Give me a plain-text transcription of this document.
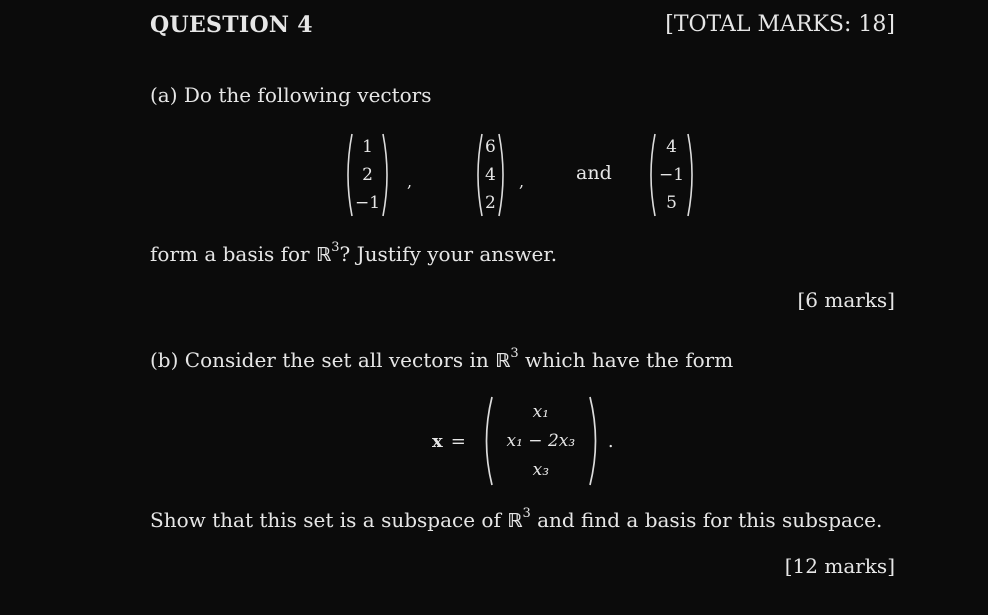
QUESTION 4	[TOTAL MARKS: 18]
(a) Do the following vectors
1
2
−1
,
6
4
2
,	and
4
−1
5
form a basis for ℝ$^3$? Justify your answer.
[6 marks]
(b) Consider the set all vectors in ℝ$^3$ which have the form
x =
x₁
x₁ − 2x₃
x₃
.
Show that this set is a subspace of ℝ$^3$ and find a basis for this subspace.
[12 marks]
